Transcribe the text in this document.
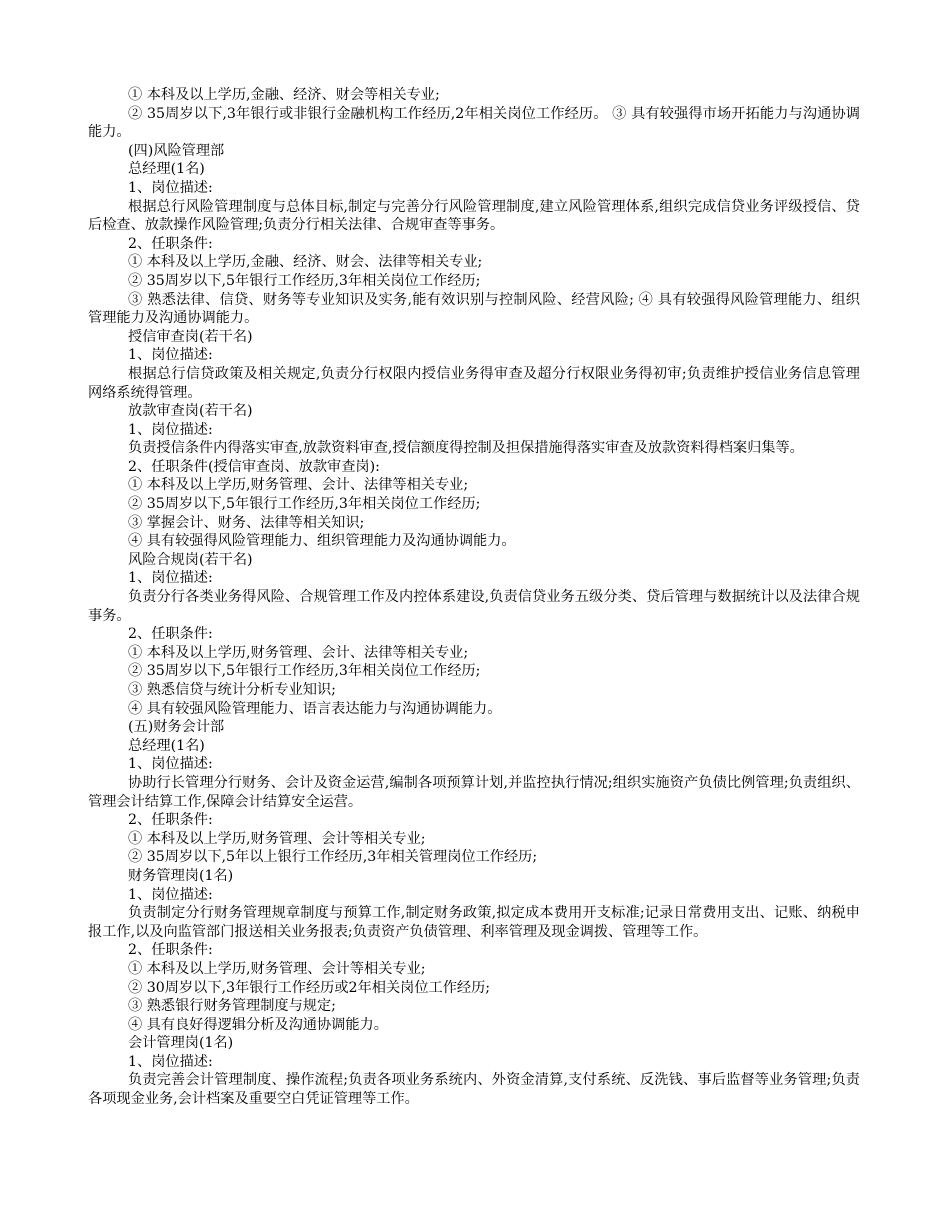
① 本科及以上学历,金融、经济、财会等相关专业;

② 35周岁以下,3年银行或非银行金融机构工作经历,2年相关岗位工作经历。 ③ 具有较强得市场开拓能力与沟通协调能力。

(四)风险管理部

总经理(1名)

1、岗位描述:

根据总行风险管理制度与总体目标,制定与完善分行风险管理制度,建立风险管理体系,组织完成信贷业务评级授信、贷后检查、放款操作风险管理;负责分行相关法律、合规审查等事务。

2、任职条件:

① 本科及以上学历,金融、经济、财会、法律等相关专业;

② 35周岁以下,5年银行工作经历,3年相关岗位工作经历;

③ 熟悉法律、信贷、财务等专业知识及实务,能有效识别与控制风险、经营风险; ④ 具有较强得风险管理能力、组织管理能力及沟通协调能力。

授信审查岗(若干名)

1、岗位描述:

根据总行信贷政策及相关规定,负责分行权限内授信业务得审查及超分行权限业务得初审;负责维护授信业务信息管理网络系统得管理。

放款审查岗(若干名)

1、岗位描述:

负责授信条件内得落实审查,放款资料审查,授信额度得控制及担保措施得落实审查及放款资料得档案归集等。

2、任职条件(授信审查岗、放款审查岗):

① 本科及以上学历,财务管理、会计、法律等相关专业;

② 35周岁以下,5年银行工作经历,3年相关岗位工作经历;

③ 掌握会计、财务、法律等相关知识;

④ 具有较强得风险管理能力、组织管理能力及沟通协调能力。

风险合规岗(若干名)

1、岗位描述:

负责分行各类业务得风险、合规管理工作及内控体系建设,负责信贷业务五级分类、贷后管理与数据统计以及法律合规事务。

2、任职条件:

① 本科及以上学历,财务管理、会计、法律等相关专业;

② 35周岁以下,5年银行工作经历,3年相关岗位工作经历;

③ 熟悉信贷与统计分析专业知识;

④ 具有较强风险管理能力、语言表达能力与沟通协调能力。

(五)财务会计部

总经理(1名)

1、岗位描述:

协助行长管理分行财务、会计及资金运营,编制各项预算计划,并监控执行情况;组织实施资产负债比例管理;负责组织、管理会计结算工作,保障会计结算安全运营。

2、任职条件:

① 本科及以上学历,财务管理、会计等相关专业;

② 35周岁以下,5年以上银行工作经历,3年相关管理岗位工作经历;

财务管理岗(1名)

1、岗位描述:

负责制定分行财务管理规章制度与预算工作,制定财务政策,拟定成本费用开支标准;记录日常费用支出、记账、纳税申报工作,以及向监管部门报送相关业务报表;负责资产负债管理、利率管理及现金调拨、管理等工作。

2、任职条件:

① 本科及以上学历,财务管理、会计等相关专业;

② 30周岁以下,3年银行工作经历或2年相关岗位工作经历;

③ 熟悉银行财务管理制度与规定;

④ 具有良好得逻辑分析及沟通协调能力。

会计管理岗(1名)

1、岗位描述:

负责完善会计管理制度、操作流程;负责各项业务系统内、外资金清算,支付系统、反洗钱、事后监督等业务管理;负责各项现金业务,会计档案及重要空白凭证管理等工作。
